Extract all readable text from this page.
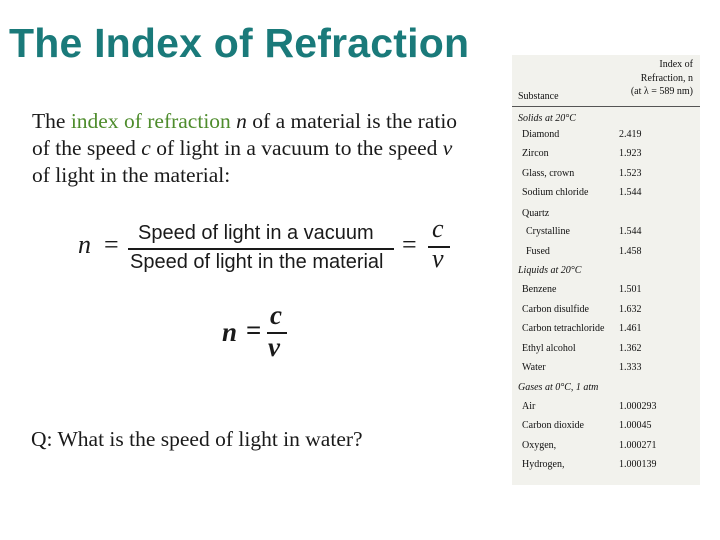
The Index of Refraction
The index of refraction n of a material is the ratio of the speed c of light in a vacuum to the speed v of light in the material:
n = Speed of light in a vacuum
Speed of light in the material
=
c
v
n = c
v
Q: What is the speed of light in water?
Substance
Index of
Refraction, n
(at λ = 589 nm)
Solids at 20°C
Diamond	2.419
Zircon	1.923
Glass, crown	1.523
Sodium chloride	1.544
Quartz
Crystalline	1.544
Fused	1.458
Liquids at 20°C
Benzene	1.501
Carbon disulfide	1.632
Carbon tetrachloride 1.461
Ethyl alcohol	1.362
Water	1.333
Gases at 0°C, 1 atm
Air	1.000293
Carbon dioxide	1.00045
Oxygen,	1.000271
Hydrogen,	1.000139
